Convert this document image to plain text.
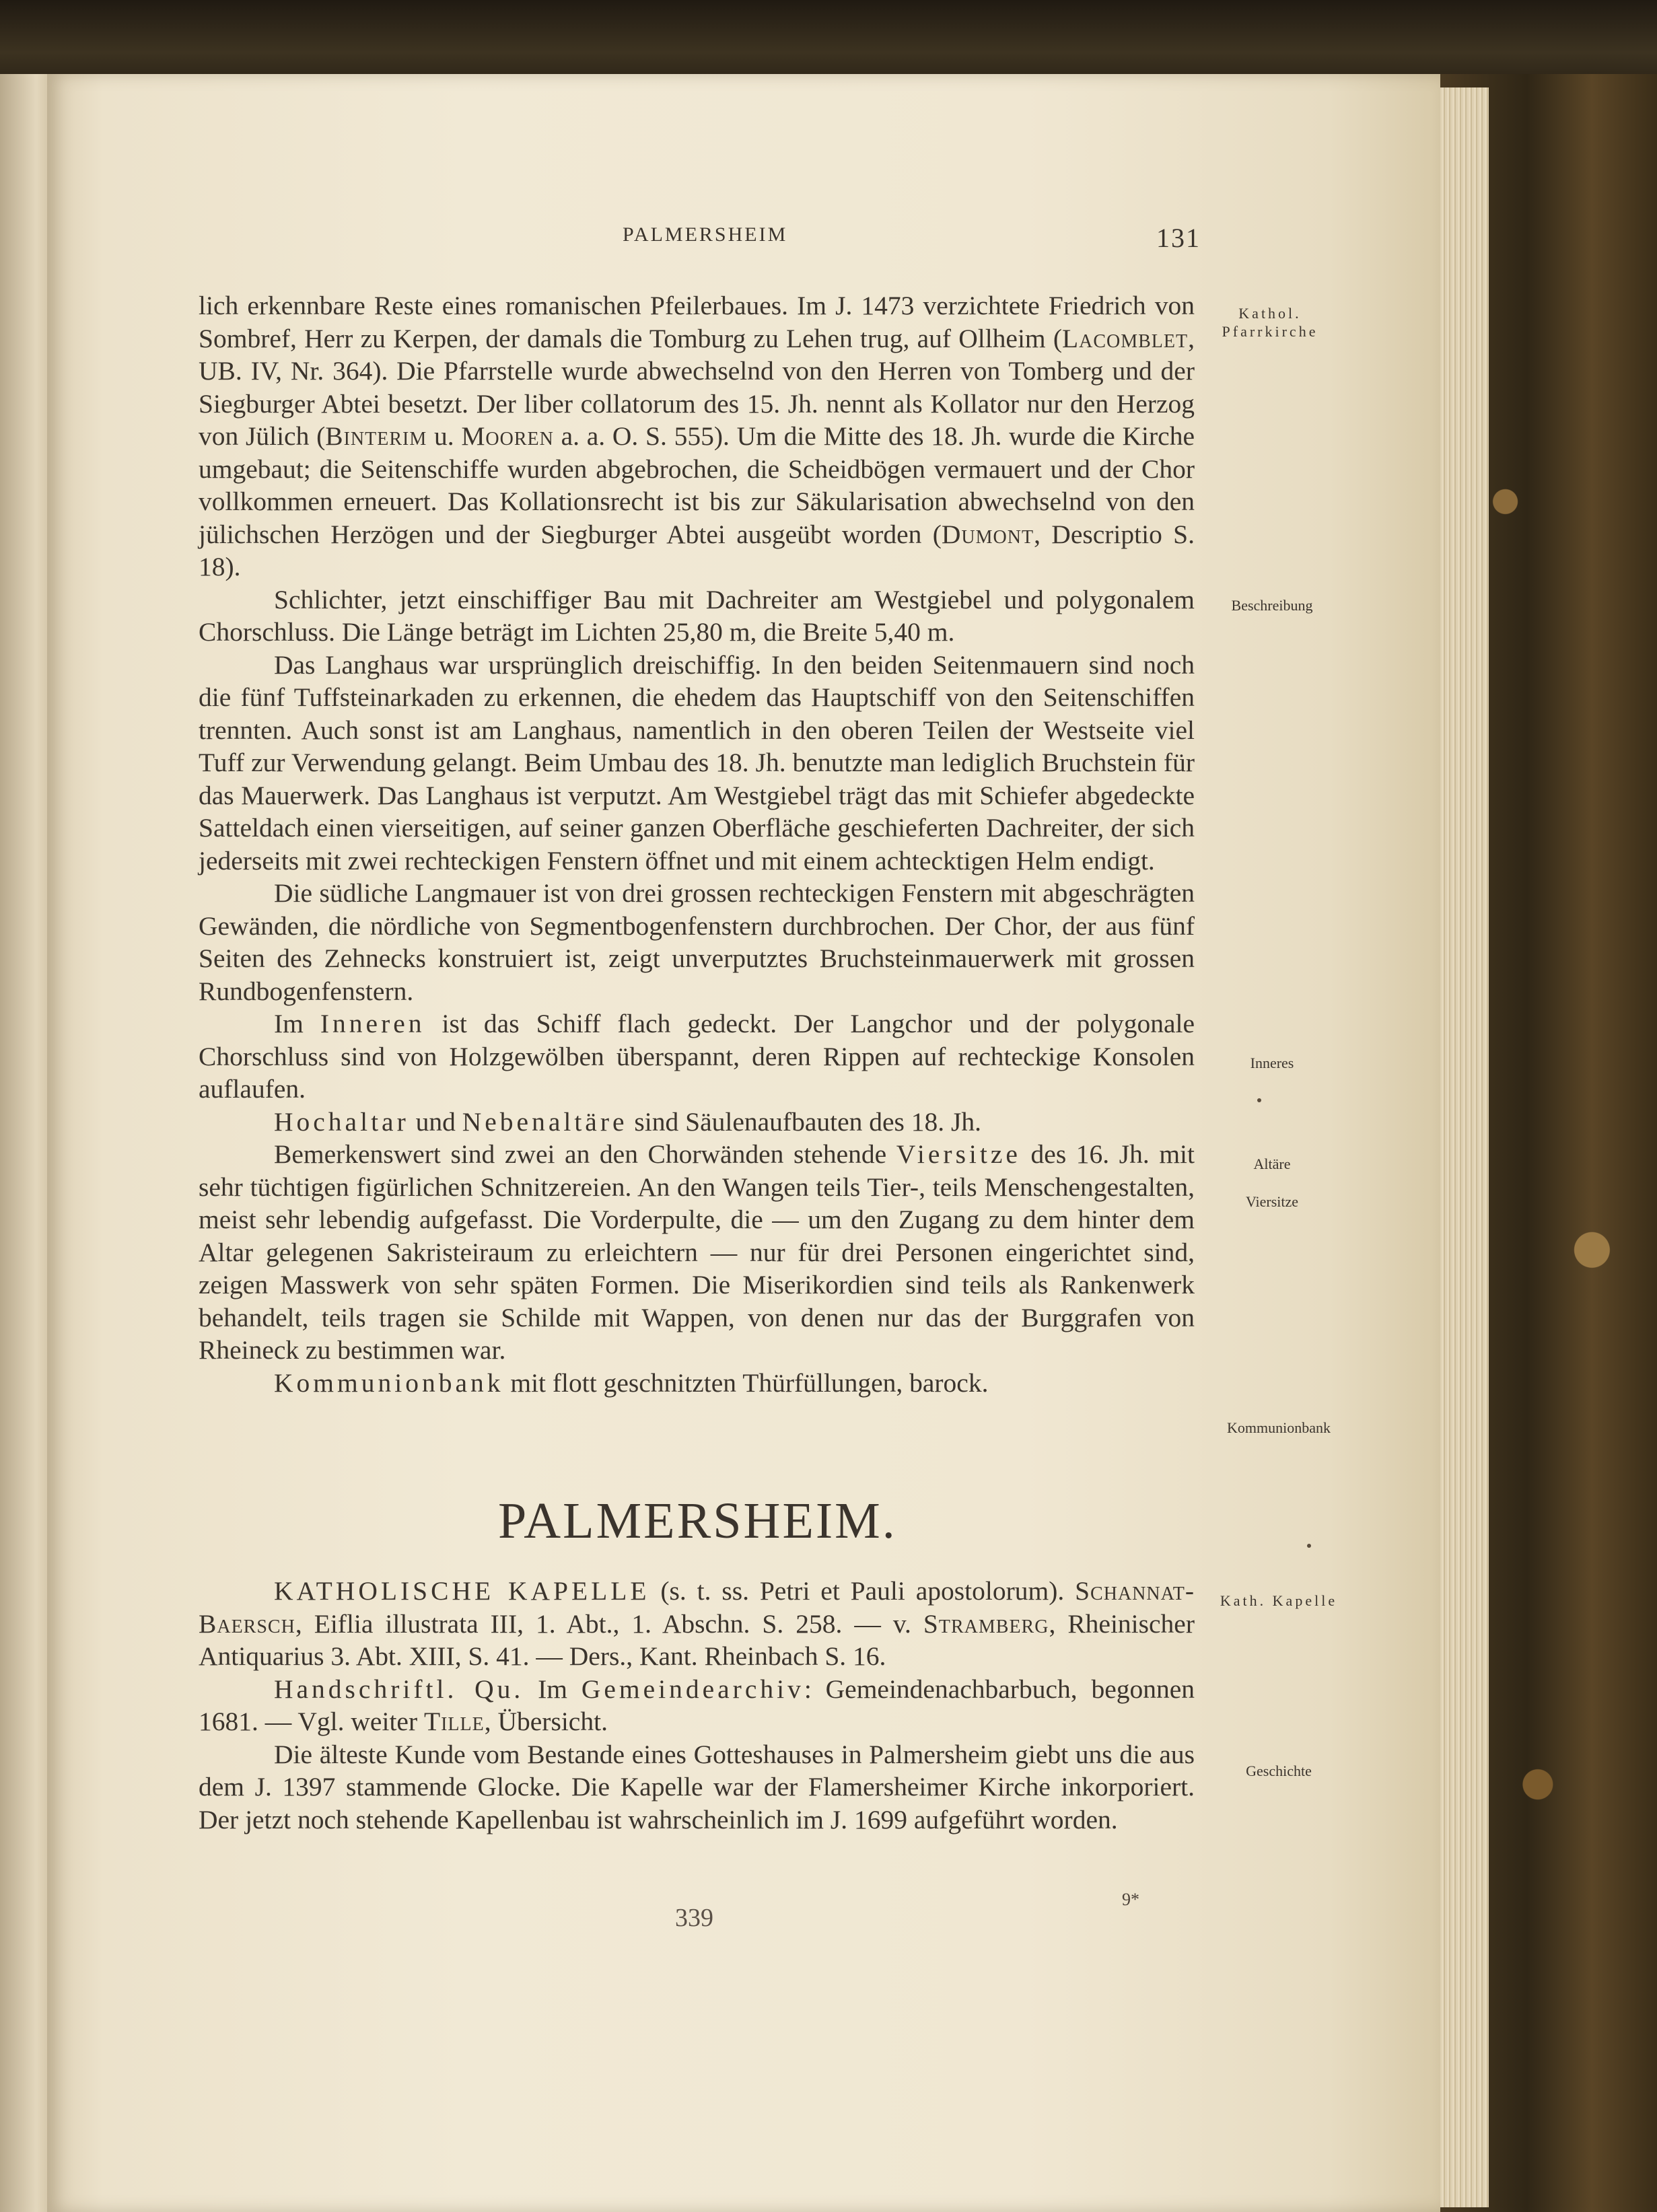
PALMERSHEIM	131

lich erkennbare Reste eines romanischen Pfeilerbaues. Im J. 1473 verzichtete Friedrich von Sombref, Herr zu Kerpen, der damals die Tomburg zu Lehen trug, auf Ollheim (Lacomblet, UB. IV, Nr. 364). Die Pfarrstelle wurde abwechselnd von den Herren von Tomberg und der Siegburger Abtei besetzt. Der liber collatorum des 15. Jh. nennt als Kollator nur den Herzog von Jülich (Binterim u. Mooren a. a. O. S. 555). Um die Mitte des 18. Jh. wurde die Kirche umgebaut; die Seitenschiffe wurden abgebrochen, die Scheidbögen vermauert und der Chor vollkommen erneuert. Das Kollationsrecht ist bis zur Säkularisation abwechselnd von den jülichschen Herzögen und der Siegburger Abtei ausgeübt worden (Dumont, Descriptio S. 18).

Schlichter, jetzt einschiffiger Bau mit Dachreiter am Westgiebel und polygonalem Chorschluss. Die Länge beträgt im Lichten 25,80 m, die Breite 5,40 m.

Das Langhaus war ursprünglich dreischiffig. In den beiden Seitenmauern sind noch die fünf Tuffsteinarkaden zu erkennen, die ehedem das Hauptschiff von den Seitenschiffen trennten. Auch sonst ist am Langhaus, namentlich in den oberen Teilen der Westseite viel Tuff zur Verwendung gelangt. Beim Umbau des 18. Jh. benutzte man lediglich Bruchstein für das Mauerwerk. Das Langhaus ist verputzt. Am Westgiebel trägt das mit Schiefer abgedeckte Satteldach einen vierseitigen, auf seiner ganzen Oberfläche geschieferten Dachreiter, der sich jederseits mit zwei rechteckigen Fenstern öffnet und mit einem achtecktigen Helm endigt.

Die südliche Langmauer ist von drei grossen rechteckigen Fenstern mit abgeschrägten Gewänden, die nördliche von Segmentbogenfenstern durchbrochen. Der Chor, der aus fünf Seiten des Zehnecks konstruiert ist, zeigt unverputztes Bruchsteinmauerwerk mit grossen Rundbogenfenstern.

Im Inneren ist das Schiff flach gedeckt. Der Langchor und der polygonale Chorschluss sind von Holzgewölben überspannt, deren Rippen auf rechteckige Konsolen auflaufen.

Hochaltar und Nebenaltäre sind Säulenaufbauten des 18. Jh.

Bemerkenswert sind zwei an den Chorwänden stehende Viersitze des 16. Jh. mit sehr tüchtigen figürlichen Schnitzereien. An den Wangen teils Tier-, teils Menschengestalten, meist sehr lebendig aufgefasst. Die Vorderpulte, die — um den Zugang zu dem hinter dem Altar gelegenen Sakristeiraum zu erleichtern — nur für drei Personen eingerichtet sind, zeigen Masswerk von sehr späten Formen. Die Miserikordien sind teils als Rankenwerk behandelt, teils tragen sie Schilde mit Wappen, von denen nur das der Burggrafen von Rheineck zu bestimmen war.

Kommunionbank mit flott geschnitzten Thürfüllungen, barock.

PALMERSHEIM.

KATHOLISCHE KAPELLE (s. t. ss. Petri et Pauli apostolorum). Schannat-Baersch, Eiflia illustrata III, 1. Abt., 1. Abschn. S. 258. — v. Stramberg, Rheinischer Antiquarius 3. Abt. XIII, S. 41. — Ders., Kant. Rheinbach S. 16.

Handschriftl. Qu. Im Gemeindearchiv: Gemeindenachbarbuch, begonnen 1681. — Vgl. weiter Tille, Übersicht.

Die älteste Kunde vom Bestande eines Gotteshauses in Palmersheim giebt uns die aus dem J. 1397 stammende Glocke. Die Kapelle war der Flamersheimer Kirche inkorporiert. Der jetzt noch stehende Kapellenbau ist wahrscheinlich im J. 1699 aufgeführt worden.

Kathol.
Pfarrkirche
Beschreibung
Inneres
Altäre
Viersitze
Kommunionbank
Kath. Kapelle
Geschichte
339
9*
